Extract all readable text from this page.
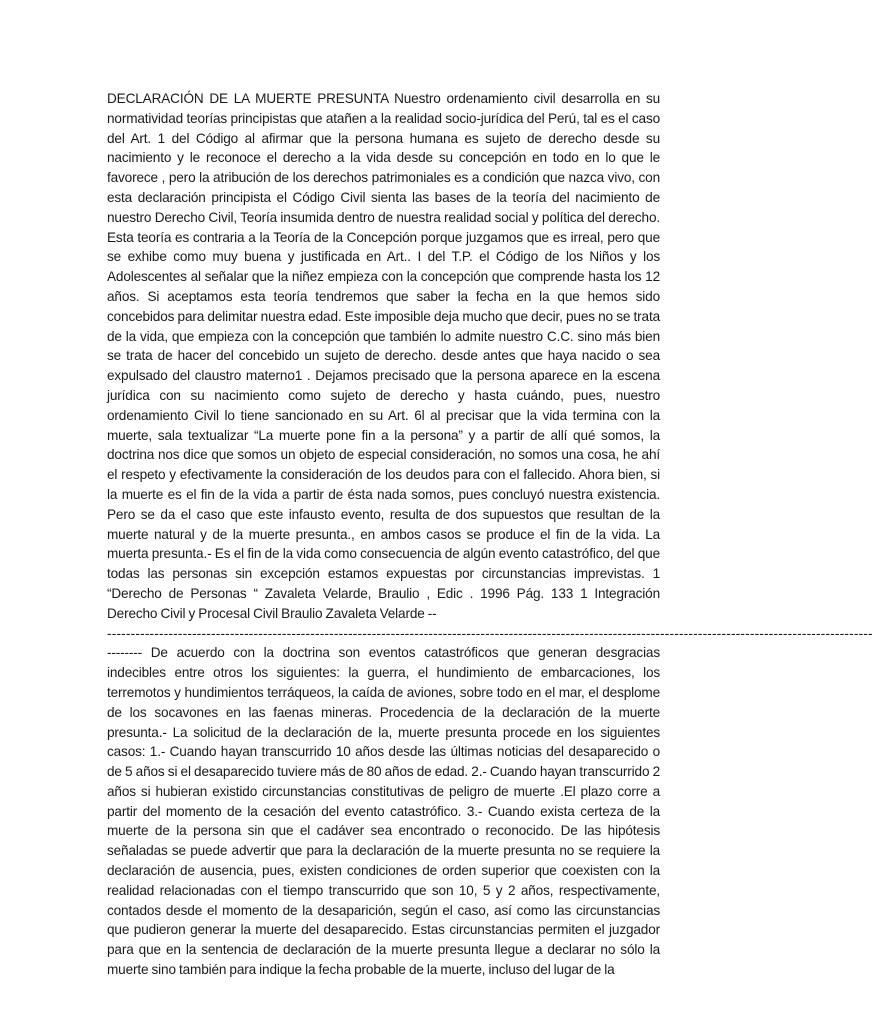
DECLARACIÓN DE LA MUERTE PRESUNTA Nuestro ordenamiento civil desarrolla en su normatividad teorías principistas que atañen a la realidad socio-jurídica del Perú, tal es el caso del Art. 1 del Código al afirmar que la persona humana es sujeto de derecho desde su nacimiento y le reconoce el derecho a la vida desde su concepción en todo en lo que le favorece , pero la atribución de los derechos patrimoniales es a condición que nazca vivo, con esta declaración principista el Código Civil sienta las bases de la teoría del nacimiento de nuestro Derecho Civil, Teoría insumida dentro de nuestra realidad social y política del derecho. Esta teoría es contraria a la Teoría de la Concepción porque juzgamos que es irreal, pero que se exhibe como muy buena y justificada en Art.. I del T.P. el Código de los Niños y los Adolescentes al señalar que la niñez empieza con la concepción que comprende hasta los 12 años. Si aceptamos esta teoría tendremos que saber la fecha en la que hemos sido concebidos para delimitar nuestra edad. Este imposible deja mucho que decir, pues no se trata de la vida, que empieza con la concepción que también lo admite nuestro C.C. sino más bien se trata de hacer del concebido un sujeto de derecho. desde antes que haya nacido o sea expulsado del claustro materno1 . Dejamos precisado que la persona aparece en la escena jurídica con su nacimiento como sujeto de derecho y hasta cuándo, pues, nuestro ordenamiento Civil lo tiene sancionado en su Art. 6l al precisar que la vida termina con la muerte, sala textualizar “La muerte pone fin a la persona” y a partir de allí qué somos, la doctrina nos dice que somos un objeto de especial consideración, no somos una cosa, he ahí el respeto y efectivamente la consideración de los deudos para con el fallecido. Ahora bien, si la muerte es el fin de la vida a partir de ésta nada somos, pues concluyó nuestra existencia. Pero se da el caso que este infausto evento, resulta de dos supuestos que resultan de la muerte natural y de la muerte presunta., en ambos casos se produce el fin de la vida. La muerta presunta.- Es el fin de la vida como consecuencia de algún evento catastrófico, del que todas las personas sin excepción estamos expuestas por circunstancias imprevistas. 1 “Derecho de Personas “ Zavaleta Velarde, Braulio , Edic . 1996 Pág. 133 1 Integración Derecho Civil y Procesal Civil Braulio Zavaleta Velarde --

------------------------------------------------------------------------------------------------------------------------------------------------------------------

-------- De acuerdo con la doctrina son eventos catastróficos que generan desgracias indecibles entre otros los siguientes: la guerra, el hundimiento de embarcaciones, los terremotos y hundimientos terráqueos, la caída de aviones, sobre todo en el mar, el desplome de los socavones en las faenas mineras. Procedencia de la declaración de la muerte presunta.- La solicitud de la declaración de la, muerte presunta procede en los siguientes casos: 1.- Cuando hayan transcurrido 10 años desde las últimas noticias del desaparecido o de 5 años si el desaparecido tuviere más de 80 años de edad. 2.- Cuando hayan transcurrido 2 años si hubieran existido circunstancias constitutivas de peligro de muerte .El plazo corre a partir del momento de la cesación del evento catastrófico. 3.- Cuando exista certeza de la muerte de la persona sin que el cadáver sea encontrado o reconocido. De las hipótesis señaladas se puede advertir que para la declaración de la muerte presunta no se requiere la declaración de ausencia, pues, existen condiciones de orden superior que coexisten con la realidad relacionadas con el tiempo transcurrido que son 10, 5 y 2 años, respectivamente, contados desde el momento de la desaparición, según el caso, así como las circunstancias que pudieron generar la muerte del desaparecido. Estas circunstancias permiten el juzgador para que en la sentencia de declaración de la muerte presunta llegue a declarar no sólo la muerte sino también para indique la fecha probable de la muerte, incluso del lugar de la
